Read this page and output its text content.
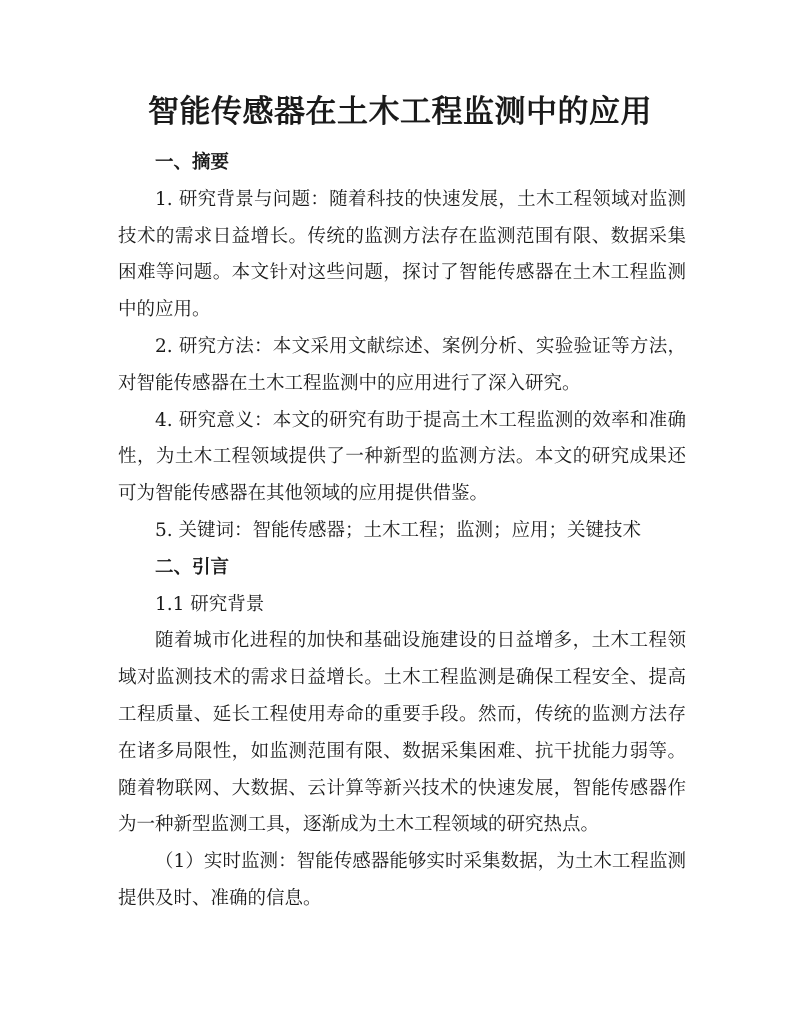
智能传感器在土木工程监测中的应用

一、摘要

1. 研究背景与问题：随着科技的快速发展，土木工程领域对监测技术的需求日益增长。传统的监测方法存在监测范围有限、数据采集困难等问题。本文针对这些问题，探讨了智能传感器在土木工程监测中的应用。

2. 研究方法：本文采用文献综述、案例分析、实验验证等方法，对智能传感器在土木工程监测中的应用进行了深入研究。

4. 研究意义：本文的研究有助于提高土木工程监测的效率和准确性，为土木工程领域提供了一种新型的监测方法。本文的研究成果还可为智能传感器在其他领域的应用提供借鉴。

5. 关键词：智能传感器；土木工程；监测；应用；关键技术

二、引言

1.1 研究背景

随着城市化进程的加快和基础设施建设的日益增多，土木工程领域对监测技术的需求日益增长。土木工程监测是确保工程安全、提高工程质量、延长工程使用寿命的重要手段。然而，传统的监测方法存在诸多局限性，如监测范围有限、数据采集困难、抗干扰能力弱等。随着物联网、大数据、云计算等新兴技术的快速发展，智能传感器作为一种新型监测工具，逐渐成为土木工程领域的研究热点。

（1）实时监测：智能传感器能够实时采集数据，为土木工程监测提供及时、准确的信息。
